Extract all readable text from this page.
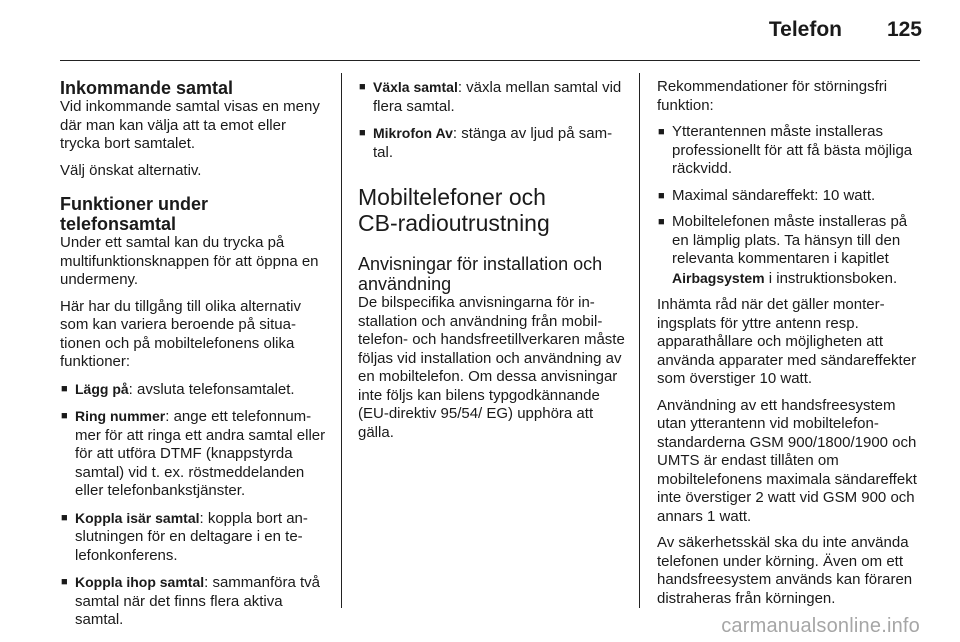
Telefon 125
Inkommande samtal

Vid inkommande samtal visas en meny där man kan välja att ta emot eller trycka bort samtalet.

Välj önskat alternativ.

Funktioner under telefonsamtal

Under ett samtal kan du trycka på multifunktionsknappen för att öppna en undermeny.

Här har du tillgång till olika alternativ som kan variera beroende på situationen och på mobiltelefonens olika funktioner:

■ Lägg på: avsluta telefonsamtalet.
■ Ring nummer: ange ett telefonnummer för att ringa ett andra samtal eller för att utföra DTMF (knappstyrda samtal) vid t. ex. röstmeddelanden eller telefonbankstjänster.
■ Koppla isär samtal: koppla bort anslutningen för en deltagare i en telefonkonferens.
■ Koppla ihop samtal: sammanföra två samtal när det finns flera aktiva samtal.
■ Växla samtal: växla mellan samtal vid flera samtal.
■ Mikrofon Av: stänga av ljud på samtal.
Mobiltelefoner och CB-radioutrustning
Anvisningar för installation och användning

De bilspecifika anvisningarna för installation och användning från mobiltelefon- och handsfreetillverkaren måste följas vid installation och användning av en mobiltelefon. Om dessa anvisningar inte följs kan bilens typgodkännande (EU-direktiv 95/54/ EG) upphöra att gälla.

Rekommendationer för störningsfri funktion:

■ Ytterantennen måste installeras professionellt för att få bästa möjliga räckvidd.
■ Maximal sändareffekt: 10 watt.
■ Mobiltelefonen måste installeras på en lämplig plats. Ta hänsyn till den relevanta kommentaren i kapitlet Airbagsystem i instruktionsboken.

Inhämta råd när det gäller monteringsplats för yttre antenn resp. apparathållare och möjligheten att använda apparater med sändareffekter som överstiger 10 watt.

Användning av ett handsfreesystem utan ytterantenn vid mobiltelefonstandarderna GSM 900/1800/1900 och UMTS är endast tillåten om mobiltelefonens maximala sändareffekt inte överstiger 2 watt vid GSM 900 och annars 1 watt.

Av säkerhetsskäl ska du inte använda telefonen under körning. Även om ett handsfreesystem används kan föraren distraheras från körningen.

carmanualsonline.info
